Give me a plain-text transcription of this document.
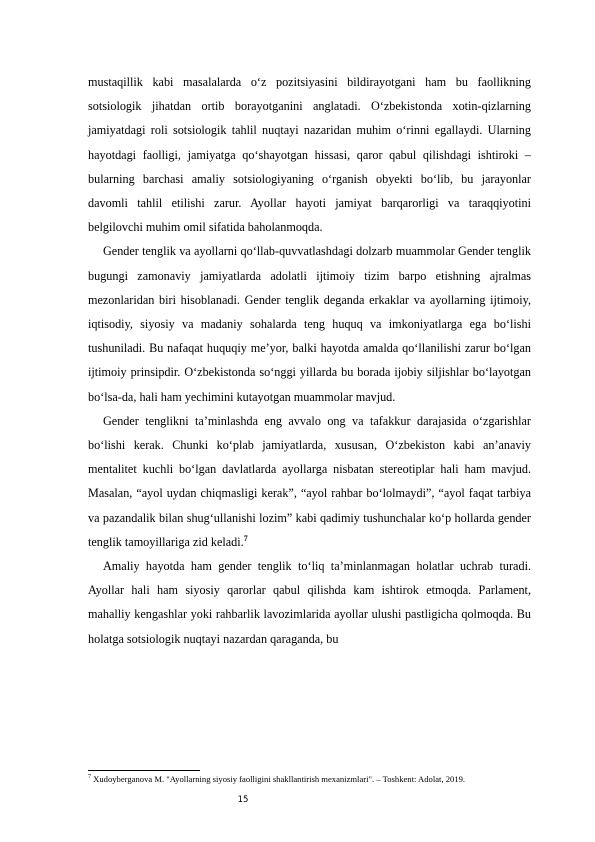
mustaqillik kabi masalalarda o‘z pozitsiyasini bildirayotgani ham bu faollikning sotsiologik jihatdan ortib borayotganini anglatadi. O‘zbekistonda xotin-qizlarning jamiyatdagi roli sotsiologik tahlil nuqtayi nazaridan muhim o‘rinni egallaydi. Ularning hayotdagi faolligi, jamiyatga qo‘shayotgan hissasi, qaror qabul qilishdagi ishtiroki – bularning barchasi amaliy sotsiologiyaning o‘rganish obyekti bo‘lib, bu jarayonlar davomli tahlil etilishi zarur. Ayollar hayoti jamiyat barqarorligi va taraqqiyotini belgilovchi muhim omil sifatida baholanmoqda.

Gender tenglik va ayollarni qo‘llab-quvvatlashdagi dolzarb muammolar Gender tenglik bugungi zamonaviy jamiyatlarda adolatli ijtimoiy tizim barpo etishning ajralmas mezonlaridan biri hisoblanadi. Gender tenglik deganda erkaklar va ayollarning ijtimoiy, iqtisodiy, siyosiy va madaniy sohalarda teng huquq va imkoniyatlarga ega bo‘lishi tushuniladi. Bu nafaqat huquqiy me’yor, balki hayotda amalda qo‘llanilishi zarur bo‘lgan ijtimoiy prinsipdir. O‘zbekistonda so‘nggi yillarda bu borada ijobiy siljishlar bo‘layotgan bo‘lsa-da, hali ham yechimini kutayotgan muammolar mavjud.

Gender tenglikni ta’minlashda eng avvalo ong va tafakkur darajasida o‘zgarishlar bo‘lishi kerak. Chunki ko‘plab jamiyatlarda, xususan, O‘zbekiston kabi an’anaviy mentalitet kuchli bo‘lgan davlatlarda ayollarga nisbatan stereotiplar hali ham mavjud. Masalan, “ayol uydan chiqmasligi kerak”, “ayol rahbar bo‘lolmaydi”, “ayol faqat tarbiya va pazandalik bilan shug‘ullanishi lozim” kabi qadimiy tushunchalar ko‘p hollarda gender tenglik tamoyillariga zid keladi.$^7$

Amaliy hayotda ham gender tenglik to‘liq ta’minlanmagan holatlar uchrab turadi. Ayollar hali ham siyosiy qarorlar qabul qilishda kam ishtirok etmoqda. Parlament, mahalliy kengashlar yoki rahbarlik lavozimlarida ayollar ulushi pastligicha qolmoqda. Bu holatga sotsiologik nuqtayi nazardan qaraganda, bu

$^7$ Xudoyberganova M. "Ayollarning siyosiy faolligini shakllantirish mexanizmlari". – Toshkent: Adolat, 2019.
15
